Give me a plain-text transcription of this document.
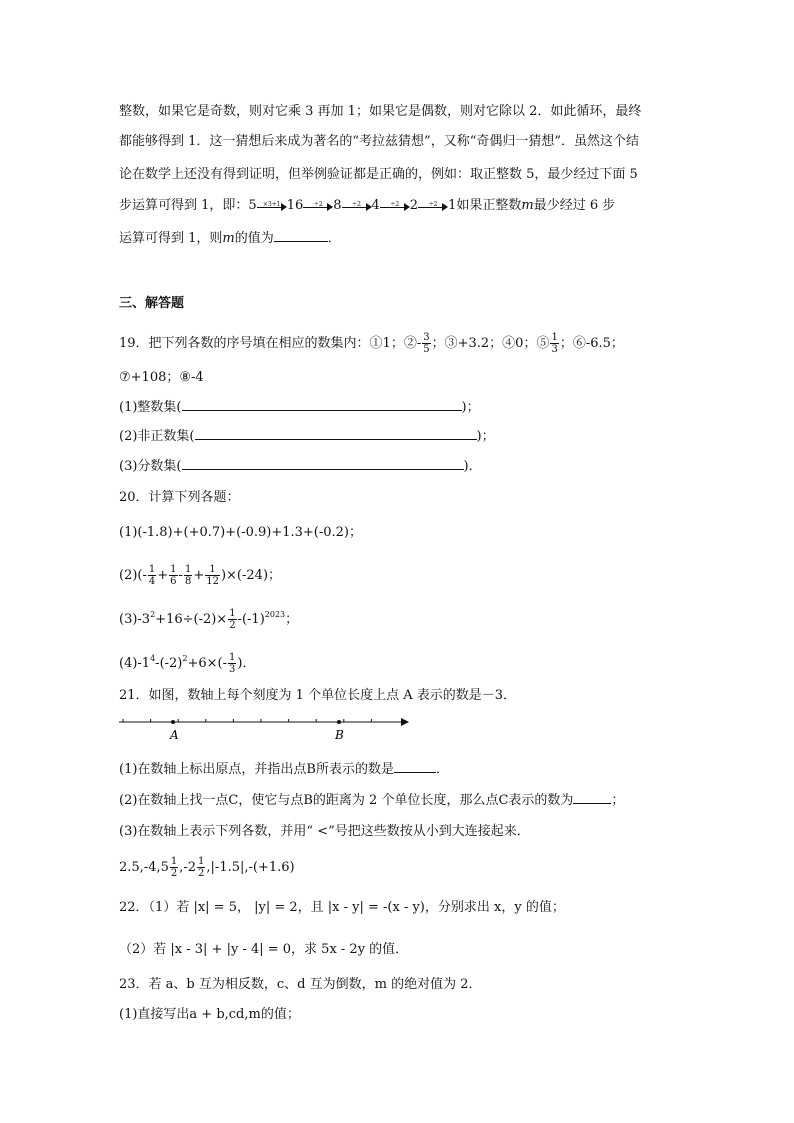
整数，如果它是奇数，则对它乘 3 再加 1；如果它是偶数，则对它除以 2．如此循环，最终
都能够得到 1．这一猜想后来成为著名的“考拉兹猜想”，又称“奇偶归一猜想”．虽然这个结
论在数学上还没有得到证明，但举例验证都是正确的，例如：取正整数 5，最少经过下面 5
步运算可得到 1，即：5	×3+1 16	÷2 8	÷2 4	÷2 2	÷2 1如果正整数m最少经过 6 步
运算可得到 1，则m的值为	．
三、解答题
19．把下列各数的序号填在相应的数集内：①1；②- $\frac{3}{5}$ ；③+3.2；④0；⑤ $\frac{1}{3}$ ；⑥-6.5；
⑦+108；⑧-4
(1)整数集(	)；
(2)非正数集(	)；
(3)分数集(	)．
20．计算下列各题：
(1)(-1.8)+(+0.7)+(-0.9)+1.3+(-0.2)；
$(2)(- \frac{1}{4} + \frac{1}{6} - \frac{1}{8} + \frac{1}{12} )\times(-24)$；
$(3)-3^2+16\div(-2)\times \frac{1}{2} -(-1)^{2023}$；
$(4)-1^4-(-2)^2+6\times(- \frac{1}{3}$ )．
21．如图，数轴上每个刻度为 1 个单位长度上点 A 表示的数是－3．
A	B
(1)在数轴上标出原点，并指出点B所表示的数是	．
(2)在数轴上找一点C，使它与点B的距离为 2 个单位长度，那么点C表示的数为	；
(3)在数轴上表示下列各数，并用“ <”号把这些数按从小到大连接起来．
$2.5,-4,5 \frac{1}{2} ,-2 \frac{1}{2} ,|-1.5|,-(+1.6)$
22．（1）若 |x| = 5， |y| = 2，且 |x - y| = -(x - y)，分别求出 x，y 的值；
（2）若 |x - 3| + |y - 4| = 0，求 5x - 2y 的值．
23．若 a、b 互为相反数，c、d 互为倒数，m 的绝对值为 2．
(1)直接写出a + b,cd,m的值；
